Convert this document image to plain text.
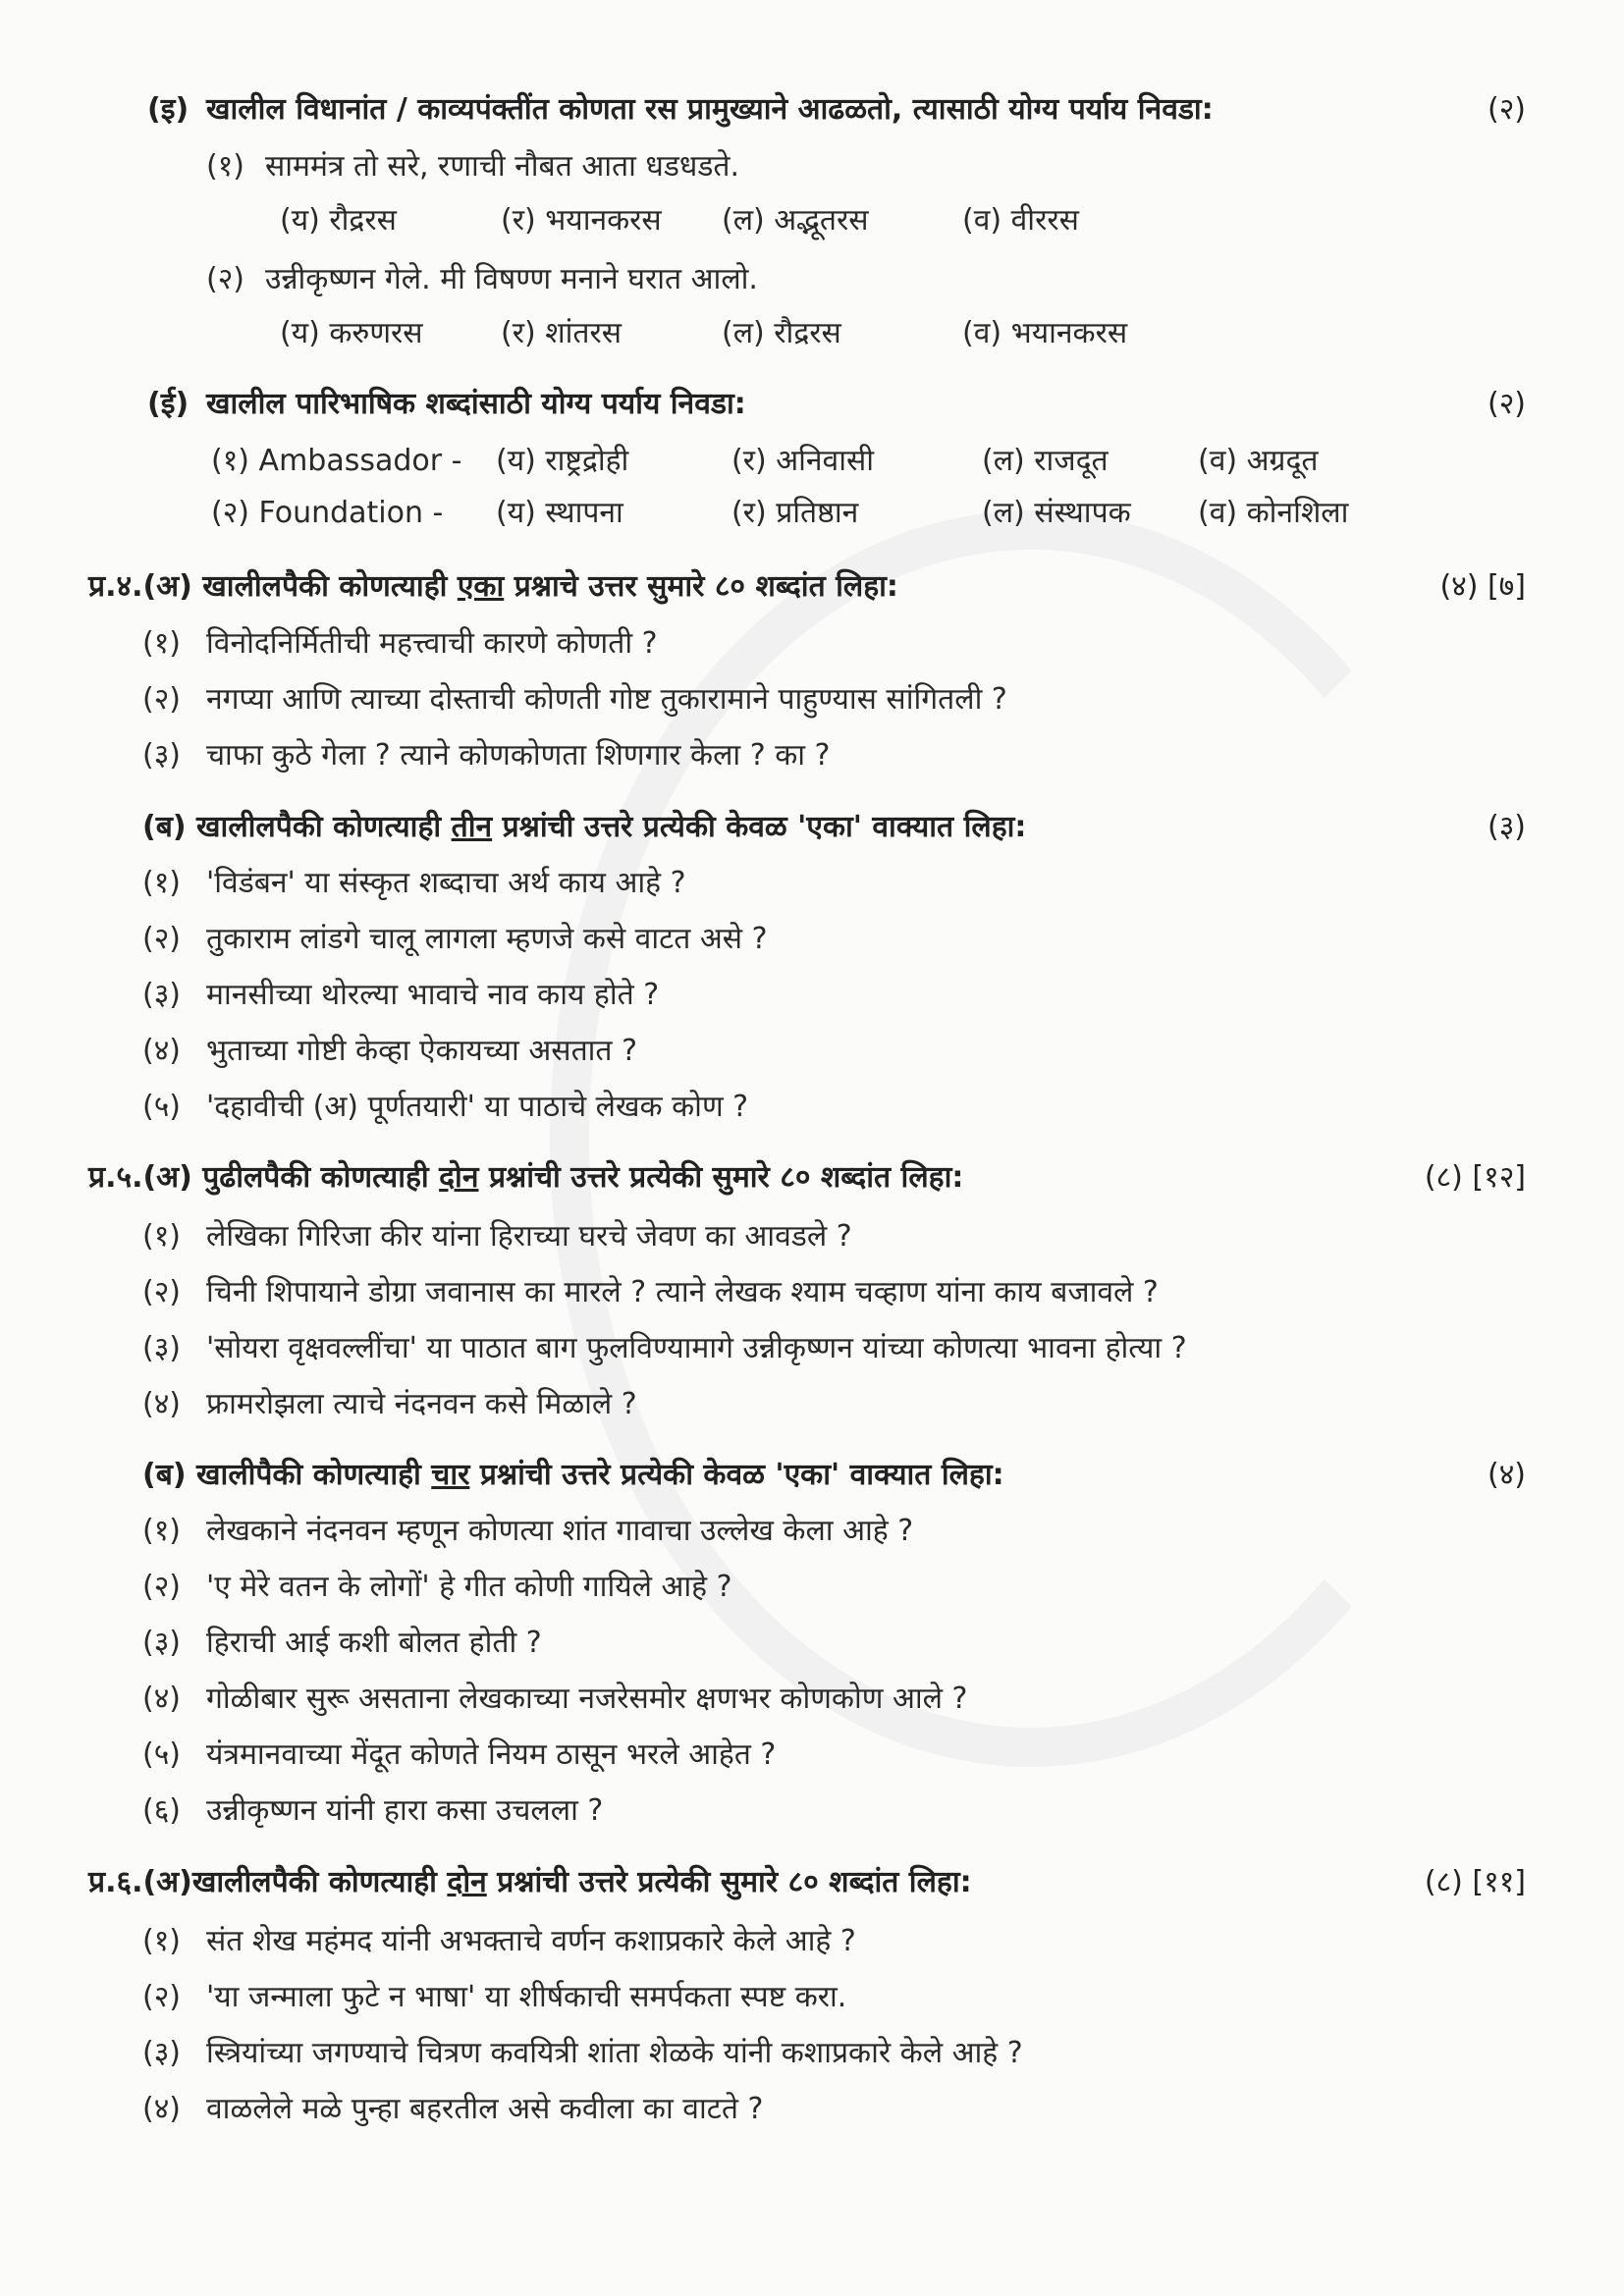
(इ) खालील विधानांत / काव्यपंक्तींत कोणता रस प्रामुख्याने आढळतो, त्यासाठी योग्य पर्याय निवडा:	(२)
(१) साममंत्र तो सरे, रणाची नौबत आता धडधडते.
(य) रौद्ररस	(र) भयानकरस (ल) अद्भूतरस	(व) वीररस
(२) उन्नीकृष्णन गेले. मी विषण्ण मनाने घरात आलो.
(य) करुणरस	(र) शांतरस	(ल) रौद्ररस	(व) भयानकरस
(ई) खालील पारिभाषिक शब्दांसाठी योग्य पर्याय निवडा:	(२)
(१) Ambassador - (य) राष्ट्रद्रोही	(र) अनिवासी	(ल) राजदूत	(व) अग्रदूत
(२) Foundation - (य) स्थापना	(र) प्रतिष्ठान	(ल) संस्थापक (व) कोनशिला
प्र.४.(अ) खालीलपैकी कोणत्याही एका प्रश्नाचे उत्तर सुमारे ८० शब्दांत लिहा:	(४) [७]
(१) विनोदनिर्मितीची महत्त्वाची कारणे कोणती ?
(२) नगप्या आणि त्याच्या दोस्ताची कोणती गोष्ट तुकारामाने पाहुण्यास सांगितली ?
(३) चाफा कुठे गेला ? त्याने कोणकोणता शिणगार केला ? का ?
(ब) खालीलपैकी कोणत्याही तीन प्रश्नांची उत्तरे प्रत्येकी केवळ 'एका' वाक्यात लिहा:	(३)
(१) 'विडंबन' या संस्कृत शब्दाचा अर्थ काय आहे ?
(२) तुकाराम लांडगे चालू लागला म्हणजे कसे वाटत असे ?
(३) मानसीच्या थोरल्या भावाचे नाव काय होते ?
(४) भुताच्या गोष्टी केव्हा ऐकायच्या असतात ?
(५) 'दहावीची (अ) पूर्णतयारी' या पाठाचे लेखक कोण ?
प्र.५.(अ) पुढीलपैकी कोणत्याही दोन प्रश्नांची उत्तरे प्रत्येकी सुमारे ८० शब्दांत लिहा:	(८) [१२]
(१) लेखिका गिरिजा कीर यांना हिराच्या घरचे जेवण का आवडले ?
(२) चिनी शिपायाने डोग्रा जवानास का मारले ? त्याने लेखक श्याम चव्हाण यांना काय बजावले ?
(३) 'सोयरा वृक्षवल्लींचा' या पाठात बाग फुलविण्यामागे उन्नीकृष्णन यांच्या कोणत्या भावना होत्या ?
(४) फ्रामरोझला त्याचे नंदनवन कसे मिळाले ?
(ब) खालीपैकी कोणत्याही चार प्रश्नांची उत्तरे प्रत्येकी केवळ 'एका' वाक्यात लिहा:	(४)
(१) लेखकाने नंदनवन म्हणून कोणत्या शांत गावाचा उल्लेख केला आहे ?
(२) 'ए मेरे वतन के लोगों' हे गीत कोणी गायिले आहे ?
(३) हिराची आई कशी बोलत होती ?
(४) गोळीबार सुरू असताना लेखकाच्या नजरेसमोर क्षणभर कोणकोण आले ?
(५) यंत्रमानवाच्या मेंदूत कोणते नियम ठासून भरले आहेत ?
(६) उन्नीकृष्णन यांनी हारा कसा उचलला ?
प्र.६.(अ)खालीलपैकी कोणत्याही दोन प्रश्नांची उत्तरे प्रत्येकी सुमारे ८० शब्दांत लिहा:	(८) [११]
(१) संत शेख महंमद यांनी अभक्ताचे वर्णन कशाप्रकारे केले आहे ?
(२) 'या जन्माला फुटे न भाषा' या शीर्षकाची समर्पकता स्पष्ट करा.
(३) स्त्रियांच्या जगण्याचे चित्रण कवयित्री शांता शेळके यांनी कशाप्रकारे केले आहे ?
(४) वाळलेले मळे पुन्हा बहरतील असे कवीला का वाटते ?
